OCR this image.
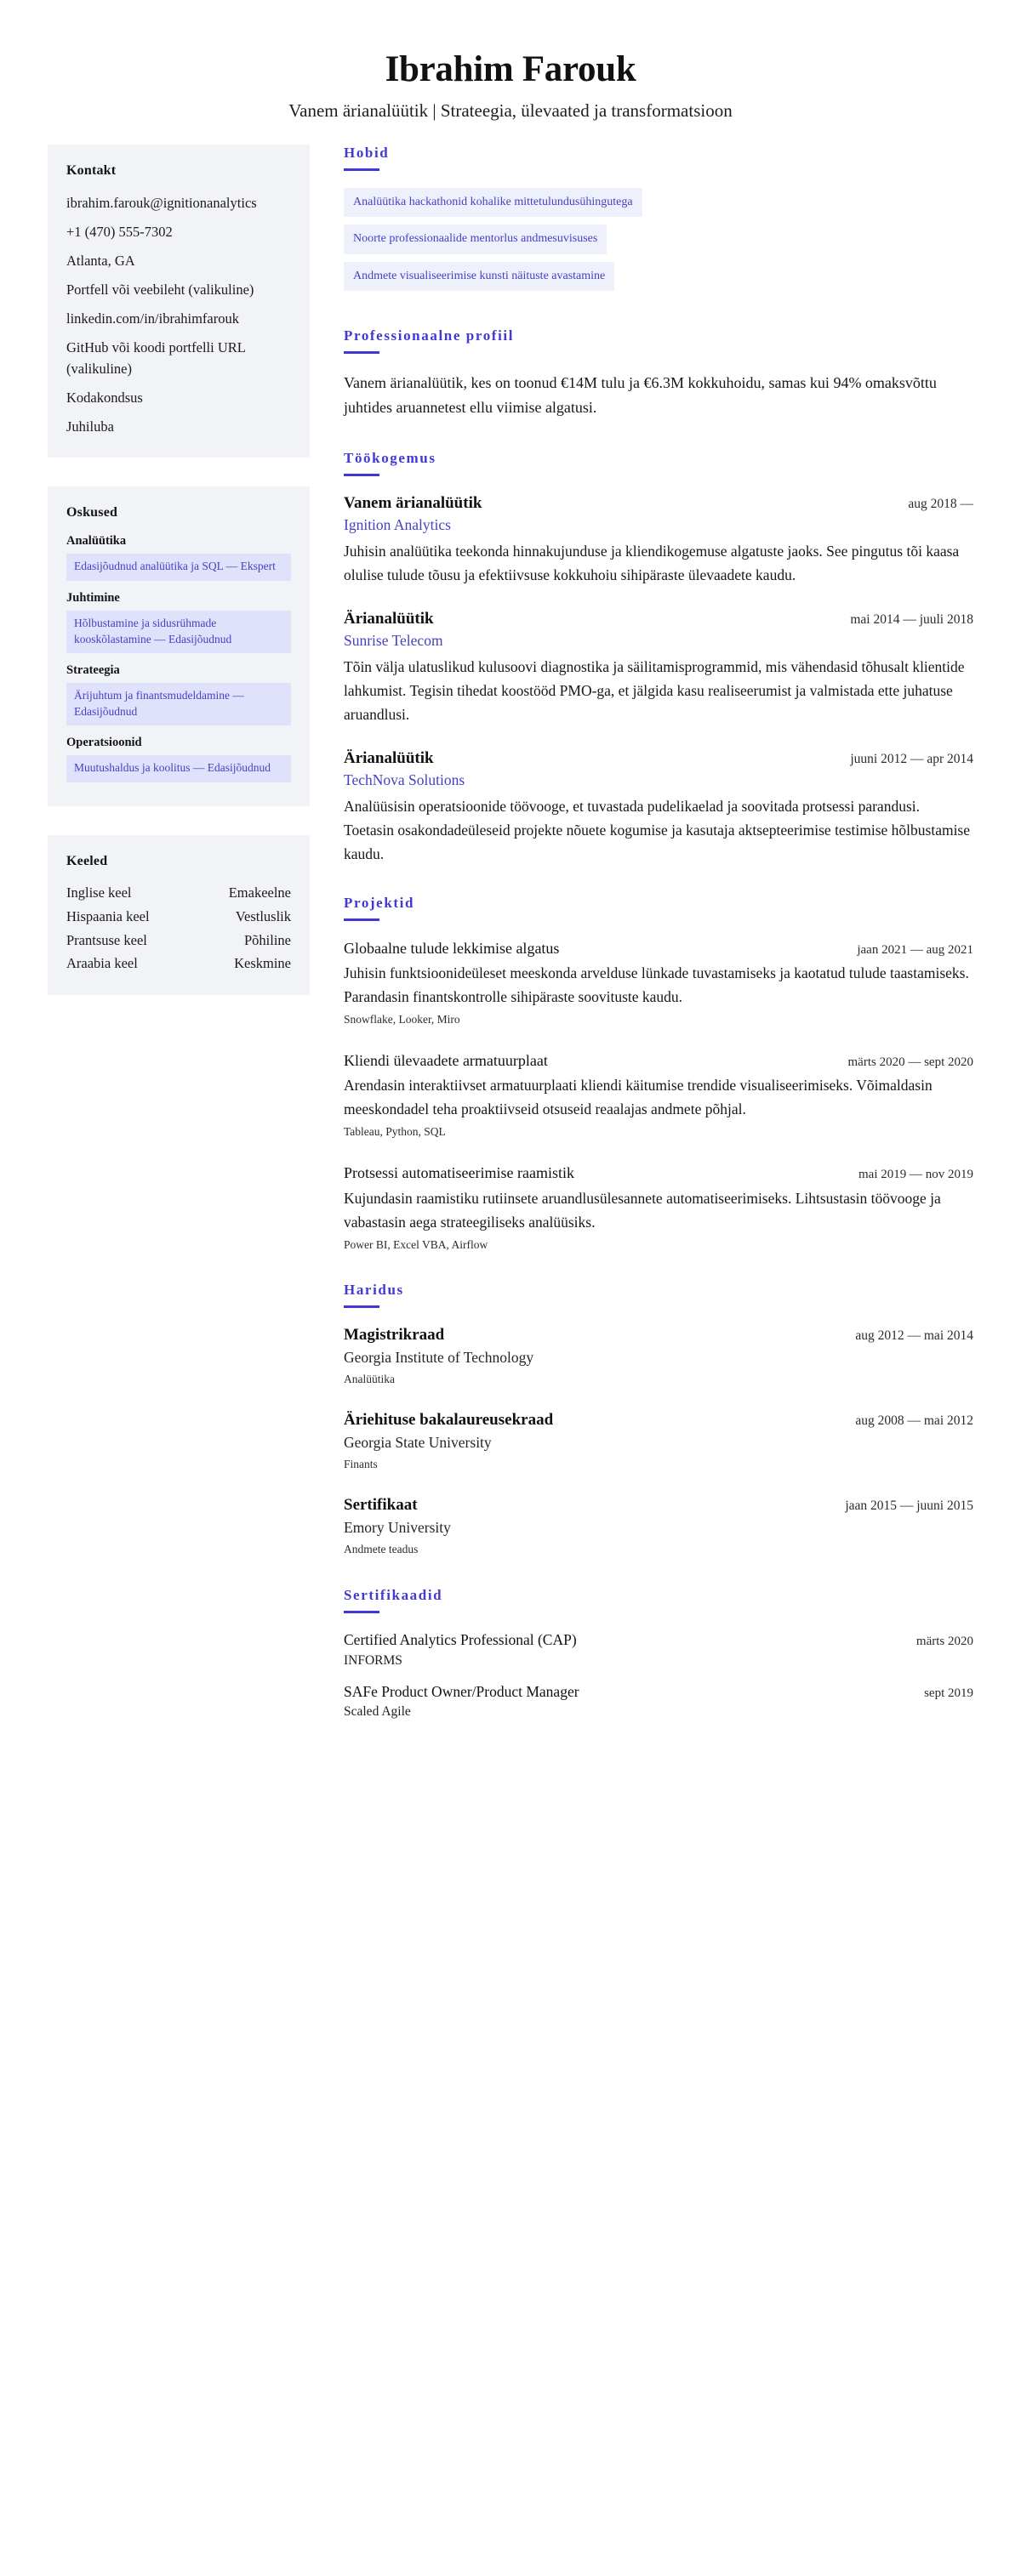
Ibrahim Farouk

Vanem ärianalüütik | Strateegia, ülevaated ja transformatsioon

Kontakt
ibrahim.farouk@ignitionanalytics
+1 (470) 555-7302
Atlanta, GA
Portfell või veebileht (valikuline)
linkedin.com/in/ibrahimfarouk
GitHub või koodi portfelli URL (valikuline)
Kodakondsus
Juhiluba
Oskused
Analüütika
Edasijõudnud analüütika ja SQL — Ekspert
Juhtimine
Hõlbustamine ja sidusrühmade kooskõlastamine — Edasijõudnud
Strateegia
Ärijuhtum ja finantsmudeldamine — Edasijõudnud
Operatsioonid
Muutushaldus ja koolitus — Edasijõudnud
Keeled
Inglise keel	Emakeelne
Hispaania keel	Vestluslik
Prantsuse keel	Põhiline
Araabia keel	Keskmine
Hobid
Analüütika hackathonid kohalike mittetulundusühingutega
Noorte professionaalide mentorlus andmesuvisuses
Andmete visualiseerimise kunsti näituste avastamine
Professionaalne profiil

Vanem ärianalüütik, kes on toonud €14M tulu ja €6.3M kokkuhoidu, samas kui 94% omaksvõttu juhtides aruannetest ellu viimise algatusi.

Töökogemus
Vanem ärianalüütik	aug 2018 —
Ignition Analytics
Juhisin analüütika teekonda hinnakujunduse ja kliendikogemuse algatuste jaoks. See pingutus tõi kaasa olulise tulude tõusu ja efektiivsuse kokkuhoiu sihipäraste ülevaadete kaudu.
Ärianalüütik	mai 2014 — juuli 2018
Sunrise Telecom
Tõin välja ulatuslikud kulusoovi diagnostika ja säilitamisprogrammid, mis vähendasid tõhusalt klientide lahkumist. Tegisin tihedat koostööd PMO-ga, et jälgida kasu realiseerumist ja valmistada ette juhatuse aruandlusi.
Ärianalüütik	juuni 2012 — apr 2014
TechNova Solutions
Analüüsisin operatsioonide töövooge, et tuvastada pudelikaelad ja soovitada protsessi parandusi. Toetasin osakondadeüleseid projekte nõuete kogumise ja kasutaja aktsepteerimise testimise hõlbustamise kaudu.
Projektid
Globaalne tulude lekkimise algatus	jaan 2021 — aug 2021
Juhisin funktsioonideüleset meeskonda arvelduse lünkade tuvastamiseks ja kaotatud tulude taastamiseks. Parandasin finantskontrolle sihipäraste soovituste kaudu.
Snowflake, Looker, Miro
Kliendi ülevaadete armatuurplaat	märts 2020 — sept 2020
Arendasin interaktiivset armatuurplaati kliendi käitumise trendide visualiseerimiseks. Võimaldasin meeskondadel teha proaktiivseid otsuseid reaalajas andmete põhjal.
Tableau, Python, SQL
Protsessi automatiseerimise raamistik	mai 2019 — nov 2019
Kujundasin raamistiku rutiinsete aruandlusülesannete automatiseerimiseks. Lihtsustasin töövooge ja vabastasin aega strateegiliseks analüüsiks.
Power BI, Excel VBA, Airflow
Haridus
Magistrikraad	aug 2012 — mai 2014
Georgia Institute of Technology
Analüütika
Äriehituse bakalaureusekraad	aug 2008 — mai 2012
Georgia State University
Finants
Sertifikaat	jaan 2015 — juuni 2015
Emory University
Andmete teadus
Sertifikaadid
Certified Analytics Professional (CAP)	märts 2020
INFORMS
SAFe Product Owner/Product Manager	sept 2019
Scaled Agile
